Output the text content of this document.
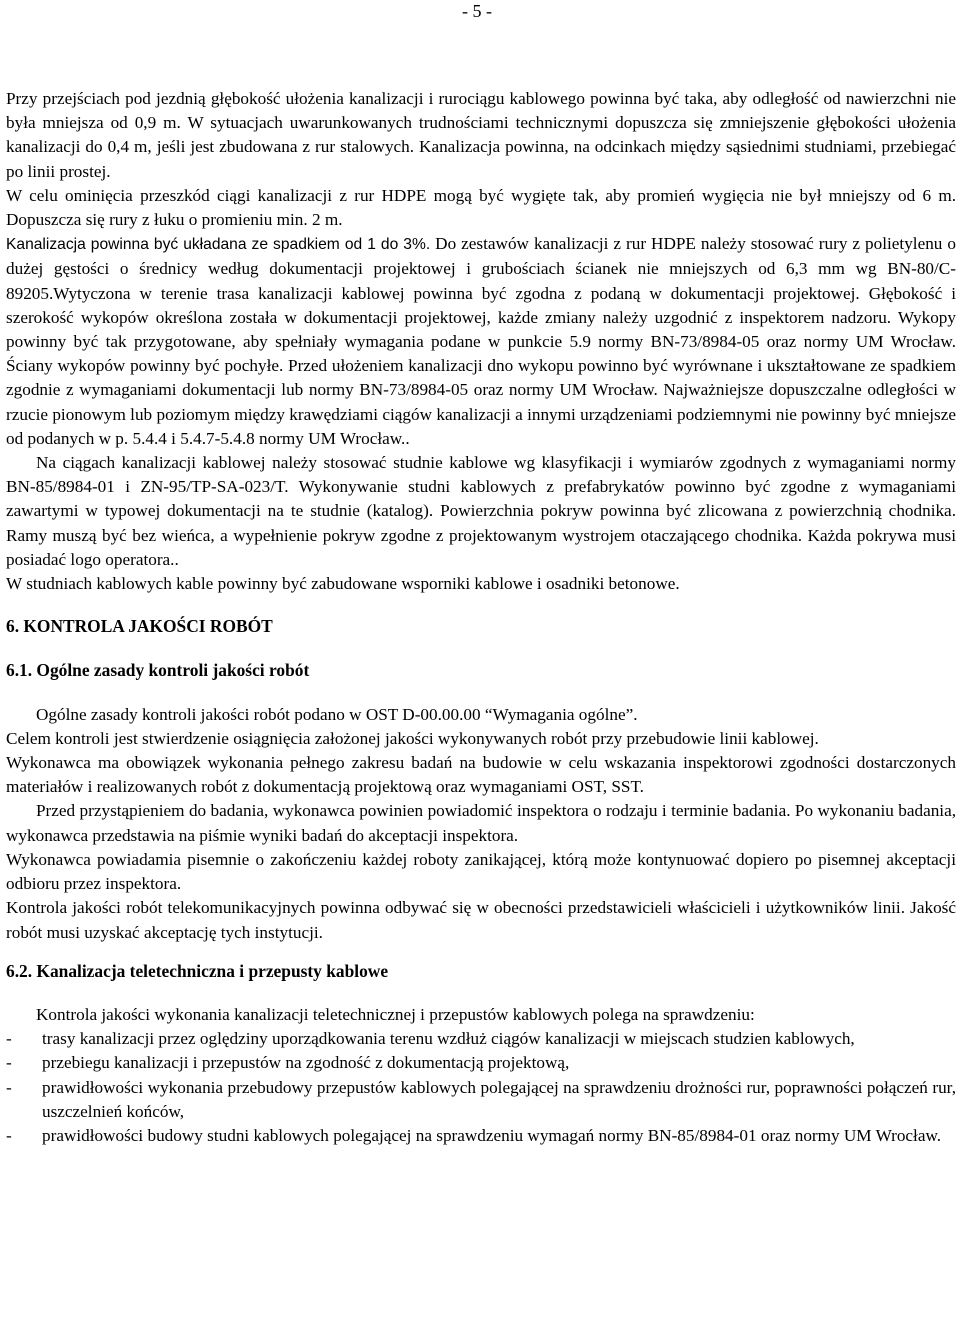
- 5 -

Przy przejściach pod jezdnią głębokość ułożenia kanalizacji i rurociągu kablowego powinna być taka, aby odległość od nawierzchni nie była mniejsza od 0,9 m. W sytuacjach uwarunkowanych trudnościami technicznymi dopuszcza się zmniejszenie głębokości ułożenia kanalizacji do 0,4 m, jeśli jest zbudowana z rur stalowych. Kanalizacja powinna, na odcinkach między sąsiednimi studniami, przebiegać po linii prostej.

W celu ominięcia przeszkód ciągi kanalizacji z rur HDPE mogą być wygięte tak, aby promień wygięcia nie był mniejszy od 6 m. Dopuszcza się rury z łuku o promieniu min. 2 m.

Kanalizacja powinna być układana ze spadkiem od 1 do 3%. Do zestawów kanalizacji z rur HDPE należy stosować rury z polietylenu o dużej gęstości o średnicy według dokumentacji projektowej i grubościach ścianek nie mniejszych od 6,3 mm wg BN-80/C-89205.Wytyczona w terenie trasa kanalizacji kablowej powinna być zgodna z podaną w dokumentacji projektowej. Głębokość i szerokość wykopów określona została w dokumentacji projektowej, każde zmiany należy uzgodnić z inspektorem nadzoru. Wykopy powinny być tak przygotowane, aby spełniały wymagania podane w punkcie 5.9 normy BN-73/8984-05 oraz normy UM Wrocław. Ściany wykopów powinny być pochyłe. Przed ułożeniem kanalizacji dno wykopu powinno być wyrównane i ukształtowane ze spadkiem zgodnie z wymaganiami dokumentacji lub normy BN-73/8984-05 oraz normy UM Wrocław. Najważniejsze dopuszczalne odległości w rzucie pionowym lub poziomym między krawędziami ciągów kanalizacji a innymi urządzeniami podziemnymi nie powinny być mniejsze od podanych w p. 5.4.4 i 5.4.7-5.4.8 normy UM Wrocław..

Na ciągach kanalizacji kablowej należy stosować studnie kablowe wg klasyfikacji i wymiarów zgodnych z wymaganiami normy BN-85/8984-01 i ZN-95/TP-SA-023/T. Wykonywanie studni kablowych z prefabrykatów powinno być zgodne z wymaganiami zawartymi w typowej dokumentacji na te studnie (katalog). Powierzchnia pokryw powinna być zlicowana z powierzchnią chodnika. Ramy muszą być bez wieńca, a wypełnienie pokryw zgodne z projektowanym wystrojem otaczającego chodnika. Każda pokrywa musi posiadać logo operatora..

W studniach kablowych kable powinny być zabudowane wsporniki kablowe i osadniki betonowe.

6. KONTROLA JAKOŚCI ROBÓT

6.1. Ogólne zasady kontroli jakości robót

Ogólne zasady kontroli jakości robót podano w OST D-00.00.00 “Wymagania ogólne”.

Celem kontroli jest stwierdzenie osiągnięcia założonej jakości wykonywanych robót przy przebudowie linii kablowej.

Wykonawca ma obowiązek wykonania pełnego zakresu badań na budowie w celu wskazania inspektorowi zgodności dostarczonych materiałów i realizowanych robót z dokumentacją projektową oraz wymaganiami OST, SST.

Przed przystąpieniem do badania, wykonawca powinien powiadomić inspektora o rodzaju i terminie badania. Po wykonaniu badania, wykonawca przedstawia na piśmie wyniki badań do akceptacji inspektora.

Wykonawca powiadamia pisemnie o zakończeniu każdej roboty zanikającej, którą może kontynuować dopiero po pisemnej akceptacji odbioru przez inspektora.

Kontrola jakości robót telekomunikacyjnych powinna odbywać się w obecności przedstawicieli właścicieli i użytkowników linii. Jakość robót musi uzyskać akceptację tych instytucji.

6.2. Kanalizacja teletechniczna i przepusty kablowe

Kontrola jakości wykonania kanalizacji teletechnicznej i przepustów kablowych polega na sprawdzeniu:

- trasy kanalizacji przez oględziny uporządkowania terenu wzdłuż ciągów kanalizacji w miejscach studzien kablowych,
- przebiegu kanalizacji i przepustów na zgodność z dokumentacją projektową,
- prawidłowości wykonania przebudowy przepustów kablowych polegającej na sprawdzeniu drożności rur, poprawności połączeń rur, uszczelnień końców,
- prawidłowości budowy studni kablowych polegającej na sprawdzeniu wymagań normy BN-85/8984-01 oraz normy UM Wrocław.
